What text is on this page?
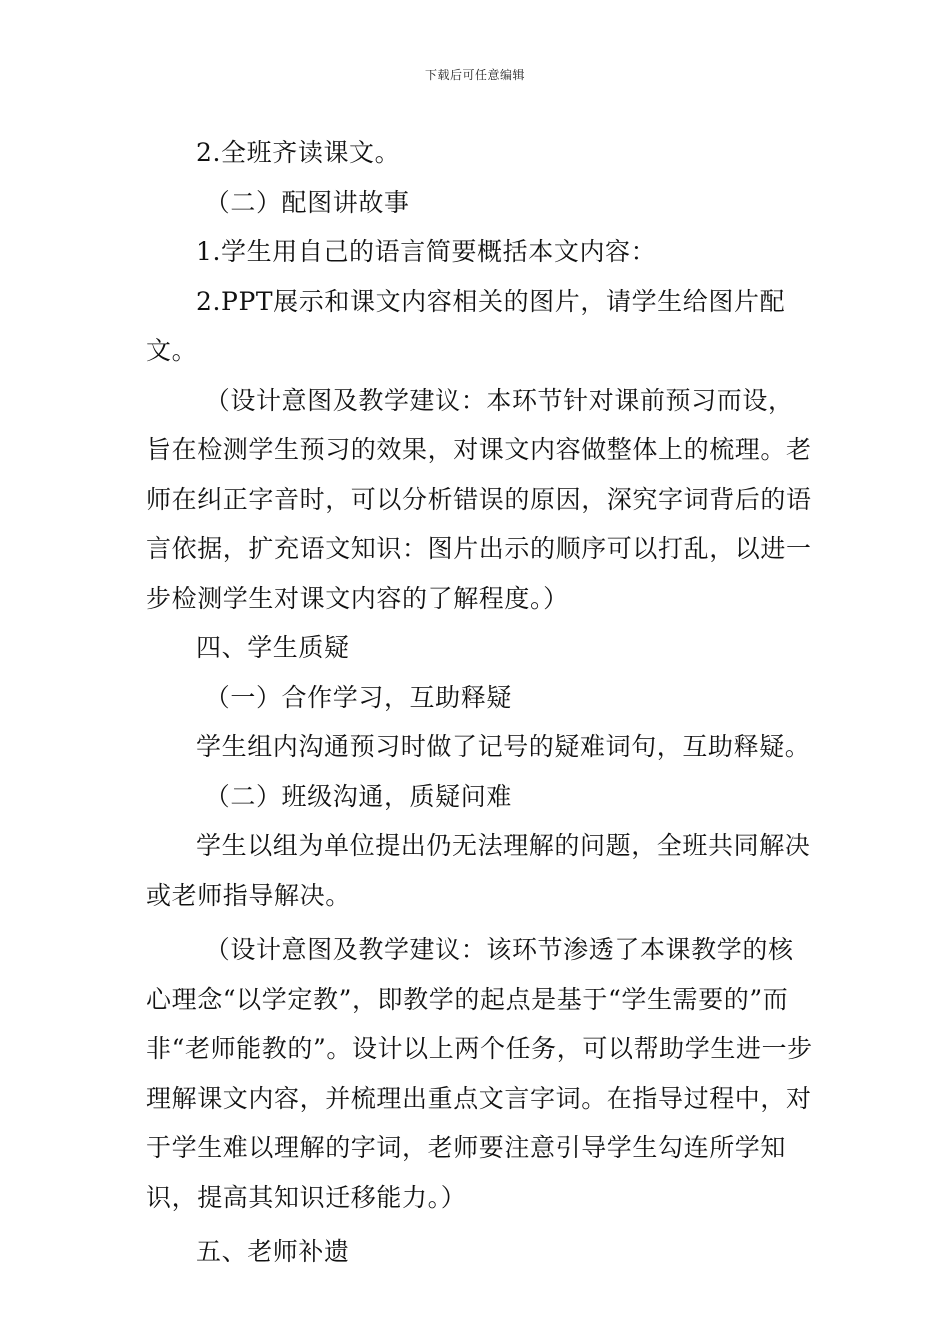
下载后可任意编辑

2.全班齐读课文。

（二）配图讲故事

1.学生用自己的语言简要概括本文内容：

2.PPT展示和课文内容相关的图片，请学生给图片配文。

（设计意图及教学建议：本环节针对课前预习而设，旨在检测学生预习的效果，对课文内容做整体上的梳理。老师在纠正字音时，可以分析错误的原因，深究字词背后的语言依据，扩充语文知识：图片出示的顺序可以打乱，以进一步检测学生对课文内容的了解程度。）

四、学生质疑

（一）合作学习，互助释疑

学生组内沟通预习时做了记号的疑难词句，互助释疑。

（二）班级沟通，质疑问难

学生以组为单位提出仍无法理解的问题，全班共同解决或老师指导解决。

（设计意图及教学建议：该环节渗透了本课教学的核心理念“以学定教”，即教学的起点是基于“学生需要的”而非“老师能教的”。设计以上两个任务，可以帮助学生进一步理解课文内容，并梳理出重点文言字词。在指导过程中，对于学生难以理解的字词，老师要注意引导学生勾连所学知识，提高其知识迁移能力。）

五、老师补遗
